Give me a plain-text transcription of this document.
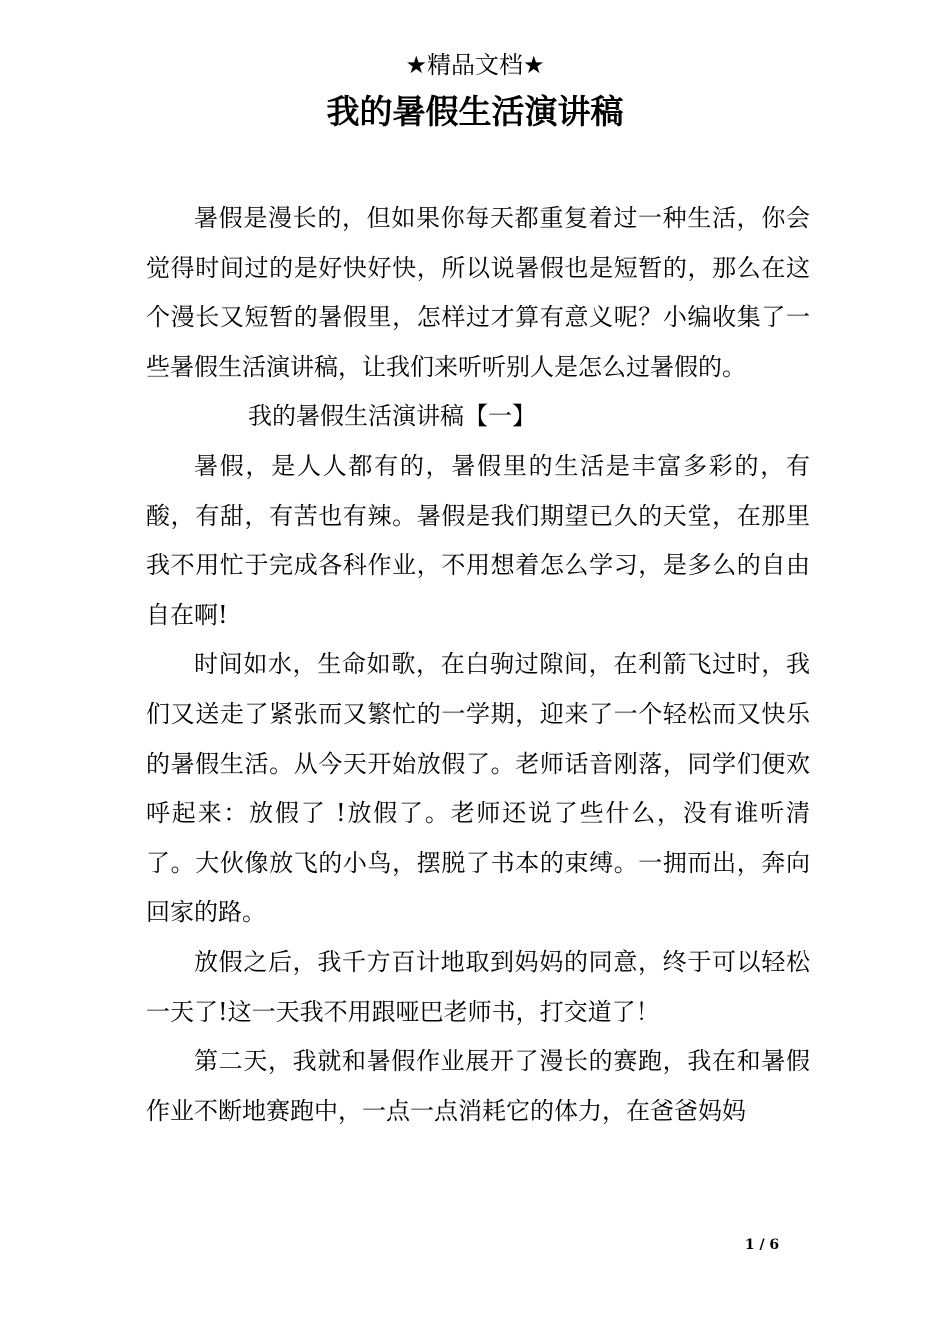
★精品文档★
我的暑假生活演讲稿

暑假是漫长的，但如果你每天都重复着过一种生活，你会觉得时间过的是好快好快，所以说暑假也是短暂的，那么在这个漫长又短暂的暑假里，怎样过才算有意义呢？小编收集了一些暑假生活演讲稿，让我们来听听别人是怎么过暑假的。

我的暑假生活演讲稿【一】

暑假，是人人都有的，暑假里的生活是丰富多彩的，有酸，有甜，有苦也有辣。暑假是我们期望已久的天堂，在那里我不用忙于完成各科作业，不用想着怎么学习，是多么的自由自在啊!

时间如水，生命如歌，在白驹过隙间，在利箭飞过时，我们又送走了紧张而又繁忙的一学期，迎来了一个轻松而又快乐的暑假生活。从今天开始放假了。老师话音刚落，同学们便欢呼起来：放假了 !放假了。老师还说了些什么，没有谁听清了。大伙像放飞的小鸟，摆脱了书本的束缚。一拥而出，奔向回家的路。

放假之后，我千方百计地取到妈妈的同意，终于可以轻松一天了!这一天我不用跟哑巴老师书，打交道了！

第二天，我就和暑假作业展开了漫长的赛跑，我在和暑假作业不断地赛跑中，一点一点消耗它的体力，在爸爸妈妈

1 / 6
